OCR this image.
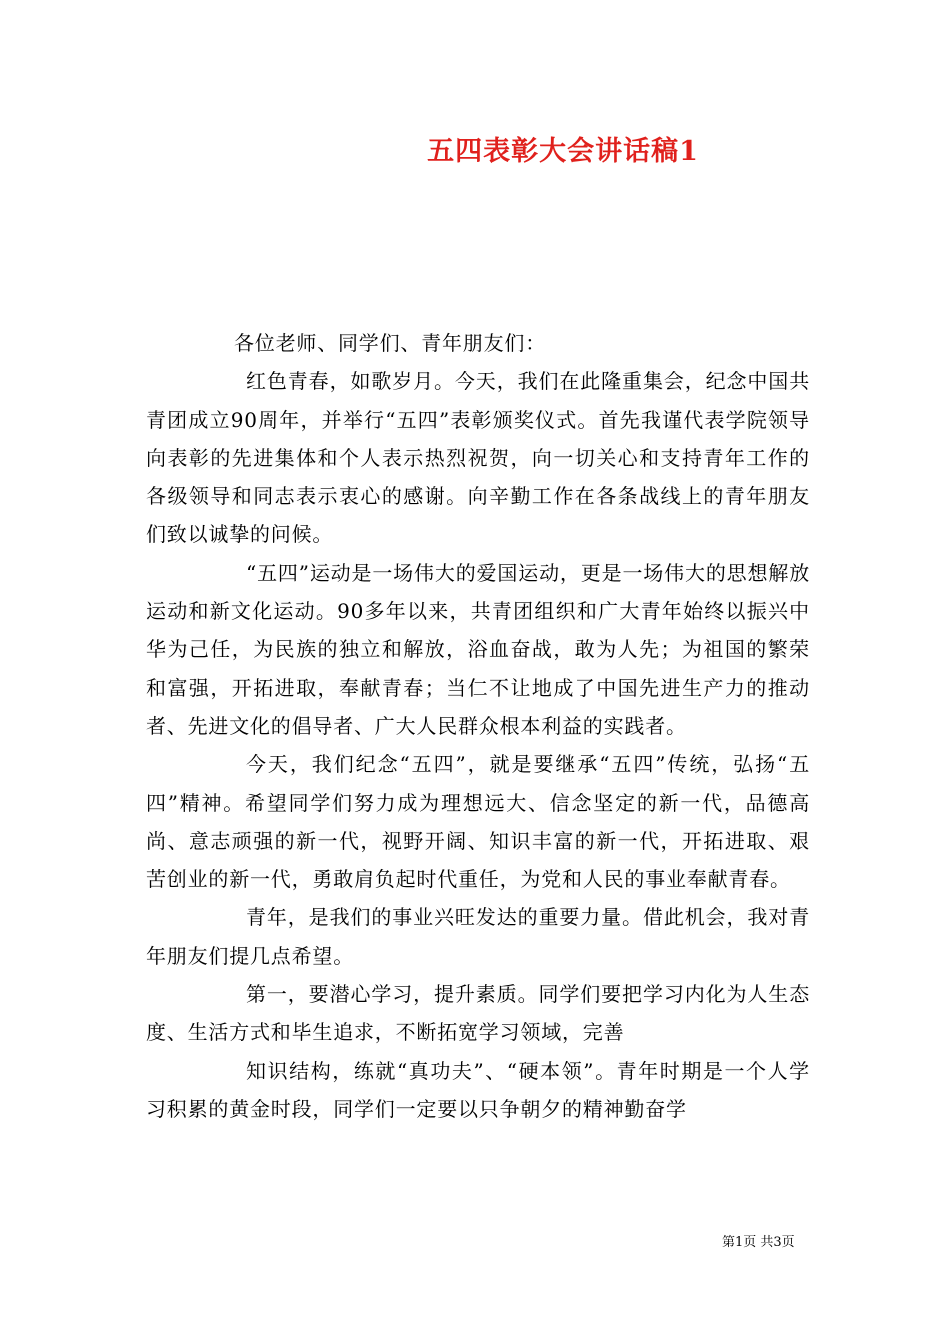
五四表彰大会讲话稿1

各位老师、同学们、青年朋友们：

红色青春，如歌岁月。今天，我们在此隆重集会，纪念中国共青团成立90周年，并举行“五四”表彰颁奖仪式。首先我谨代表学院领导向表彰的先进集体和个人表示热烈祝贺，向一切关心和支持青年工作的各级领导和同志表示衷心的感谢。向辛勤工作在各条战线上的青年朋友们致以诚挚的问候。

“五四”运动是一场伟大的爱国运动，更是一场伟大的思想解放运动和新文化运动。90多年以来，共青团组织和广大青年始终以振兴中华为己任，为民族的独立和解放，浴血奋战，敢为人先；为祖国的繁荣和富强，开拓进取，奉献青春；当仁不让地成了中国先进生产力的推动者、先进文化的倡导者、广大人民群众根本利益的实践者。

今天，我们纪念“五四”，就是要继承“五四”传统，弘扬“五四”精神。希望同学们努力成为理想远大、信念坚定的新一代，品德高尚、意志顽强的新一代，视野开阔、知识丰富的新一代，开拓进取、艰苦创业的新一代，勇敢肩负起时代重任，为党和人民的事业奉献青春。

青年，是我们的事业兴旺发达的重要力量。借此机会，我对青年朋友们提几点希望。

第一，要潜心学习，提升素质。同学们要把学习内化为人生态度、生活方式和毕生追求，不断拓宽学习领域，完善

知识结构，练就“真功夫”、“硬本领”。青年时期是一个人学习积累的黄金时段，同学们一定要以只争朝夕的精神勤奋学

第1页 共3页
